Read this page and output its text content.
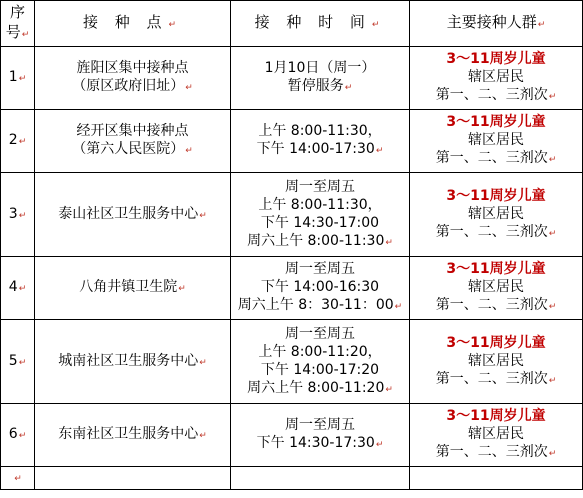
序
号↵	接 种 点↵	接 种 时 间↵	主要接种人群↵
1↵	旌阳区集中接种点
（原区政府旧址）↵	1月10日（周一）
暂停服务↵	3～11周岁儿童
辖区居民
第一、二、三剂次↵

2↵	经开区集中接种点
（第六人民医院）↵	上午 8:00-11:30，
下午 14:00-17:30↵	3～11周岁儿童
辖区居民
第一、二、三剂次↵

3↵	泰山社区卫生服务中心↵	周一至周五
上午 8:00-11:30，
下午 14:30-17:00
周六上午 8:00-11:30↵	3～11周岁儿童
辖区居民
第一、二、三剂次↵

4↵	八角井镇卫生院↵	周一至周五
下午 14:00-16:30
周六上午 8：30-11：00↵	3～11周岁儿童
辖区居民
第一、二、三剂次↵

5↵	城南社区卫生服务中心↵	周一至周五
上午 8:00-11:20，
下午 14:00-17:20
周六上午 8:00-11:20↵	3～11周岁儿童
辖区居民
第一、二、三剂次↵

6↵	东南社区卫生服务中心↵	周一至周五
下午 14:30-17:30↵	3～11周岁儿童
辖区居民
第一、二、三剂次↵

↵			
